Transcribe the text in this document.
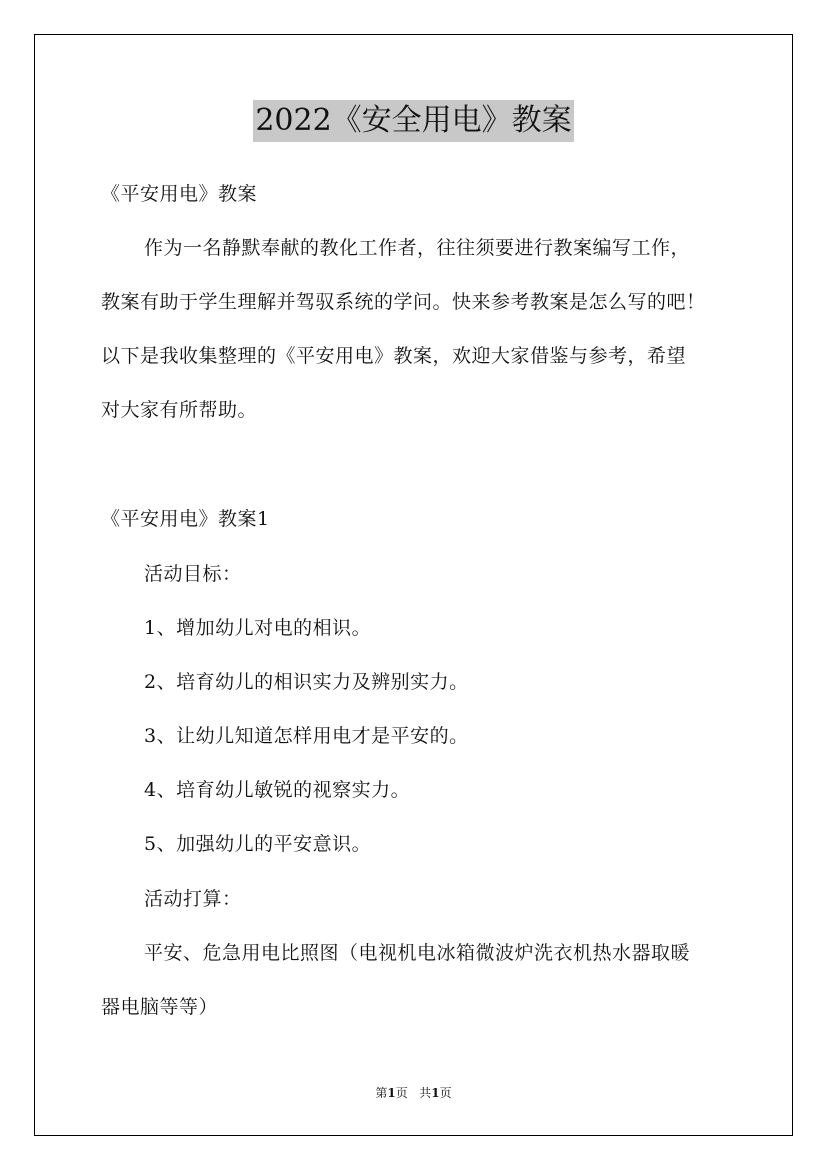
2022《安全用电》教案
《平安用电》教案
作为一名静默奉献的教化工作者，往往须要进行教案编写工作，
教案有助于学生理解并驾驭系统的学问。快来参考教案是怎么写的吧！
以下是我收集整理的《平安用电》教案，欢迎大家借鉴与参考，希望
对大家有所帮助。
《平安用电》教案1
活动目标：
1、增加幼儿对电的相识。
2、培育幼儿的相识实力及辨别实力。
3、让幼儿知道怎样用电才是平安的。
4、培育幼儿敏锐的视察实力。
5、加强幼儿的平安意识。
活动打算：
平安、危急用电比照图（电视机电冰箱微波炉洗衣机热水器取暖
器电脑等等）
第1页 共1页
